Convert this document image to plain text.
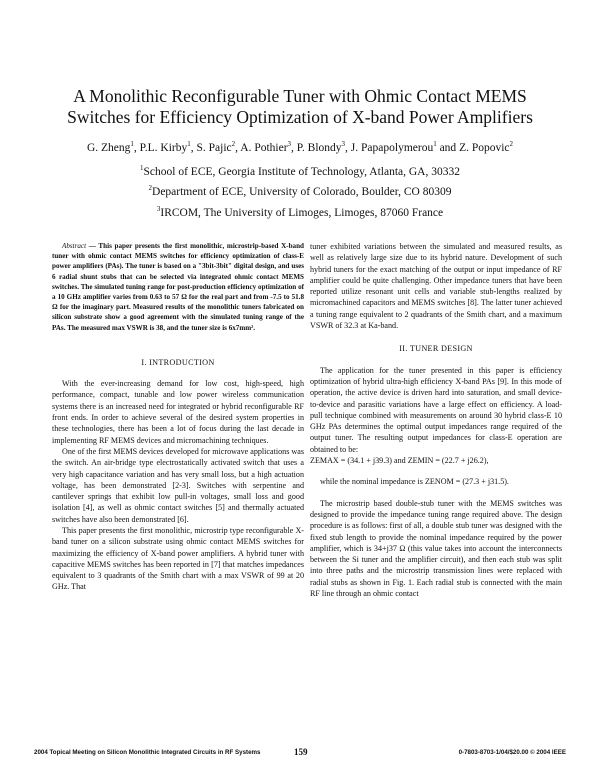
A Monolithic Reconfigurable Tuner with Ohmic Contact MEMS
Switches for Efficiency Optimization of X-band Power Amplifiers
G. Zheng$^1$, P.L. Kirby$^1$, S. Pajic$^2$, A. Pothier$^3$, P. Blondy$^3$, J. Papapolymerou$^1$ and Z. Popovic$^2$
$^1$School of ECE, Georgia Institute of Technology, Atlanta, GA, 30332
$^2$Department of ECE, University of Colorado, Boulder, CO 80309
$^3$IRCOM, The University of Limoges, Limoges, 87060 France

Abstract — This paper presents the first monolithic, microstrip-based X-band tuner with ohmic contact MEMS switches for efficiency optimization of class-E power amplifiers (PAs). The tuner is based on a "3bit-3bit" digital design, and uses 6 radial shunt stubs that can be selected via integrated ohmic contact MEMS switches. The simulated tuning range for post-production efficiency optimization of a 10 GHz amplifier varies from 0.63 to 57 Ω for the real part and from -7.5 to 51.8 Ω for the imaginary part. Measured results of the monolithic tuners fabricated on silicon substrate show a good agreement with the simulated tuning range of the PAs. The measured max VSWR is 38, and the tuner size is 6x7mm².

I. INTRODUCTION

With the ever-increasing demand for low cost, high-speed, high performance, compact, tunable and low power wireless communication systems there is an increased need for integrated or hybrid reconfigurable RF front ends. In order to achieve several of the desired system properties in these technologies, there has been a lot of focus during the last decade in implementing RF MEMS devices and micromachining techniques.

One of the first MEMS devices developed for microwave applications was the switch. An air-bridge type electrostatically activated switch that uses a very high capacitance variation and has very small loss, but a high actuation voltage, has been demonstrated [2-3]. Switches with serpentine and cantilever springs that exhibit low pull-in voltages, small loss and good isolation [4], as well as ohmic contact switches [5] and thermally actuated switches have also been demonstrated [6].

This paper presents the first monolithic, microstrip type reconfigurable X-band tuner on a silicon substrate using ohmic contact MEMS switches for maximizing the efficiency of X-band power amplifiers. A hybrid tuner with capacitive MEMS switches has been reported in [7] that matches impedances equivalent to 3 quadrants of the Smith chart with a max VSWR of 99 at 20 GHz. That

tuner exhibited variations between the simulated and measured results, as well as relatively large size due to its hybrid nature. Development of such hybrid tuners for the exact matching of the output or input impedance of RF amplifier could be quite challenging. Other impedance tuners that have been reported utilize resonant unit cells and variable stub-lengths realized by micromachined capacitors and MEMS switches [8]. The latter tuner achieved a tuning range equivalent to 2 quadrants of the Smith chart, and a maximum VSWR of 32.3 at Ka-band.

II. TUNER DESIGN

The application for the tuner presented in this paper is efficiency optimization of hybrid ultra-high efficiency X-band PAs [9]. In this mode of operation, the active device is driven hard into saturation, and small device-to-device and parasitic variations have a large effect on efficiency. A load-pull technique combined with measurements on around 30 hybrid class-E 10 GHz PAs determines the optimal output impedances range required of the output tuner. The resulting output impedances for class-E operation are obtained to be:

ZEMAX = (34.1 + j39.3) and ZEMIN = (22.7 + j26.2),

while the nominal impedance is ZENOM = (27.3 + j31.5).

The microstrip based double-stub tuner with the MEMS switches was designed to provide the impedance tuning range required above. The design procedure is as follows: first of all, a double stub tuner was designed with the fixed stub length to provide the nominal impedance required by the power amplifier, which is 34+j37 Ω (this value takes into account the interconnects between the Si tuner and the amplifier circuit), and then each stub was split into three paths and the microstrip transmission lines were replaced with radial stubs as shown in Fig. 1. Each radial stub is connected with the main RF line through an ohmic contact

2004 Topical Meeting on Silicon Monolithic Integrated Circuits in RF Systems	159	0-7803-8703-1/04/$20.00 © 2004 IEEE
